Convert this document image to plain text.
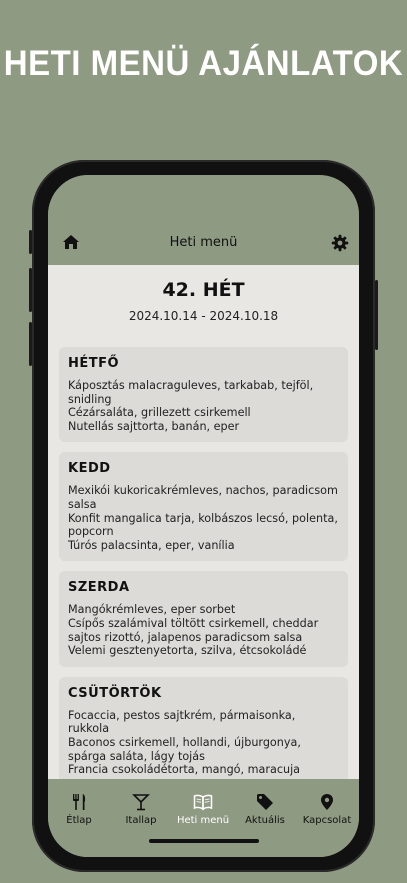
HETI MENÜ AJÁNLATOK
Heti menü
42. HÉT
2024.10.14 - 2024.10.18
HÉTFŐ
Káposztás malacraguleves, tarkabab, tejföl, snidling
Cézársaláta, grillezett csirkemell
Nutellás sajttorta, banán, eper
KEDD
Mexikói kukoricakrémleves, nachos, paradicsom salsa
Konfit mangalica tarja, kolbászos lecsó, polenta, popcorn
Túrós palacsinta, eper, vanília
SZERDA
Mangókrémleves, eper sorbet
Csípős szalámival töltött csirkemell, cheddar sajtos rizottó, jalapenos paradicsom salsa
Velemi gesztenyetorta, szilva, étcsokoládé
CSÜTÖRTÖK
Focaccia, pestos sajtkrém, pármaisonka, rukkola
Baconos csirkemell, hollandi, újburgonya, spárga saláta, lágy tojás
Francia csokoládétorta, mangó, maracuja
Étlap	Itallap	Heti menü	Aktuális	Kapcsolat
